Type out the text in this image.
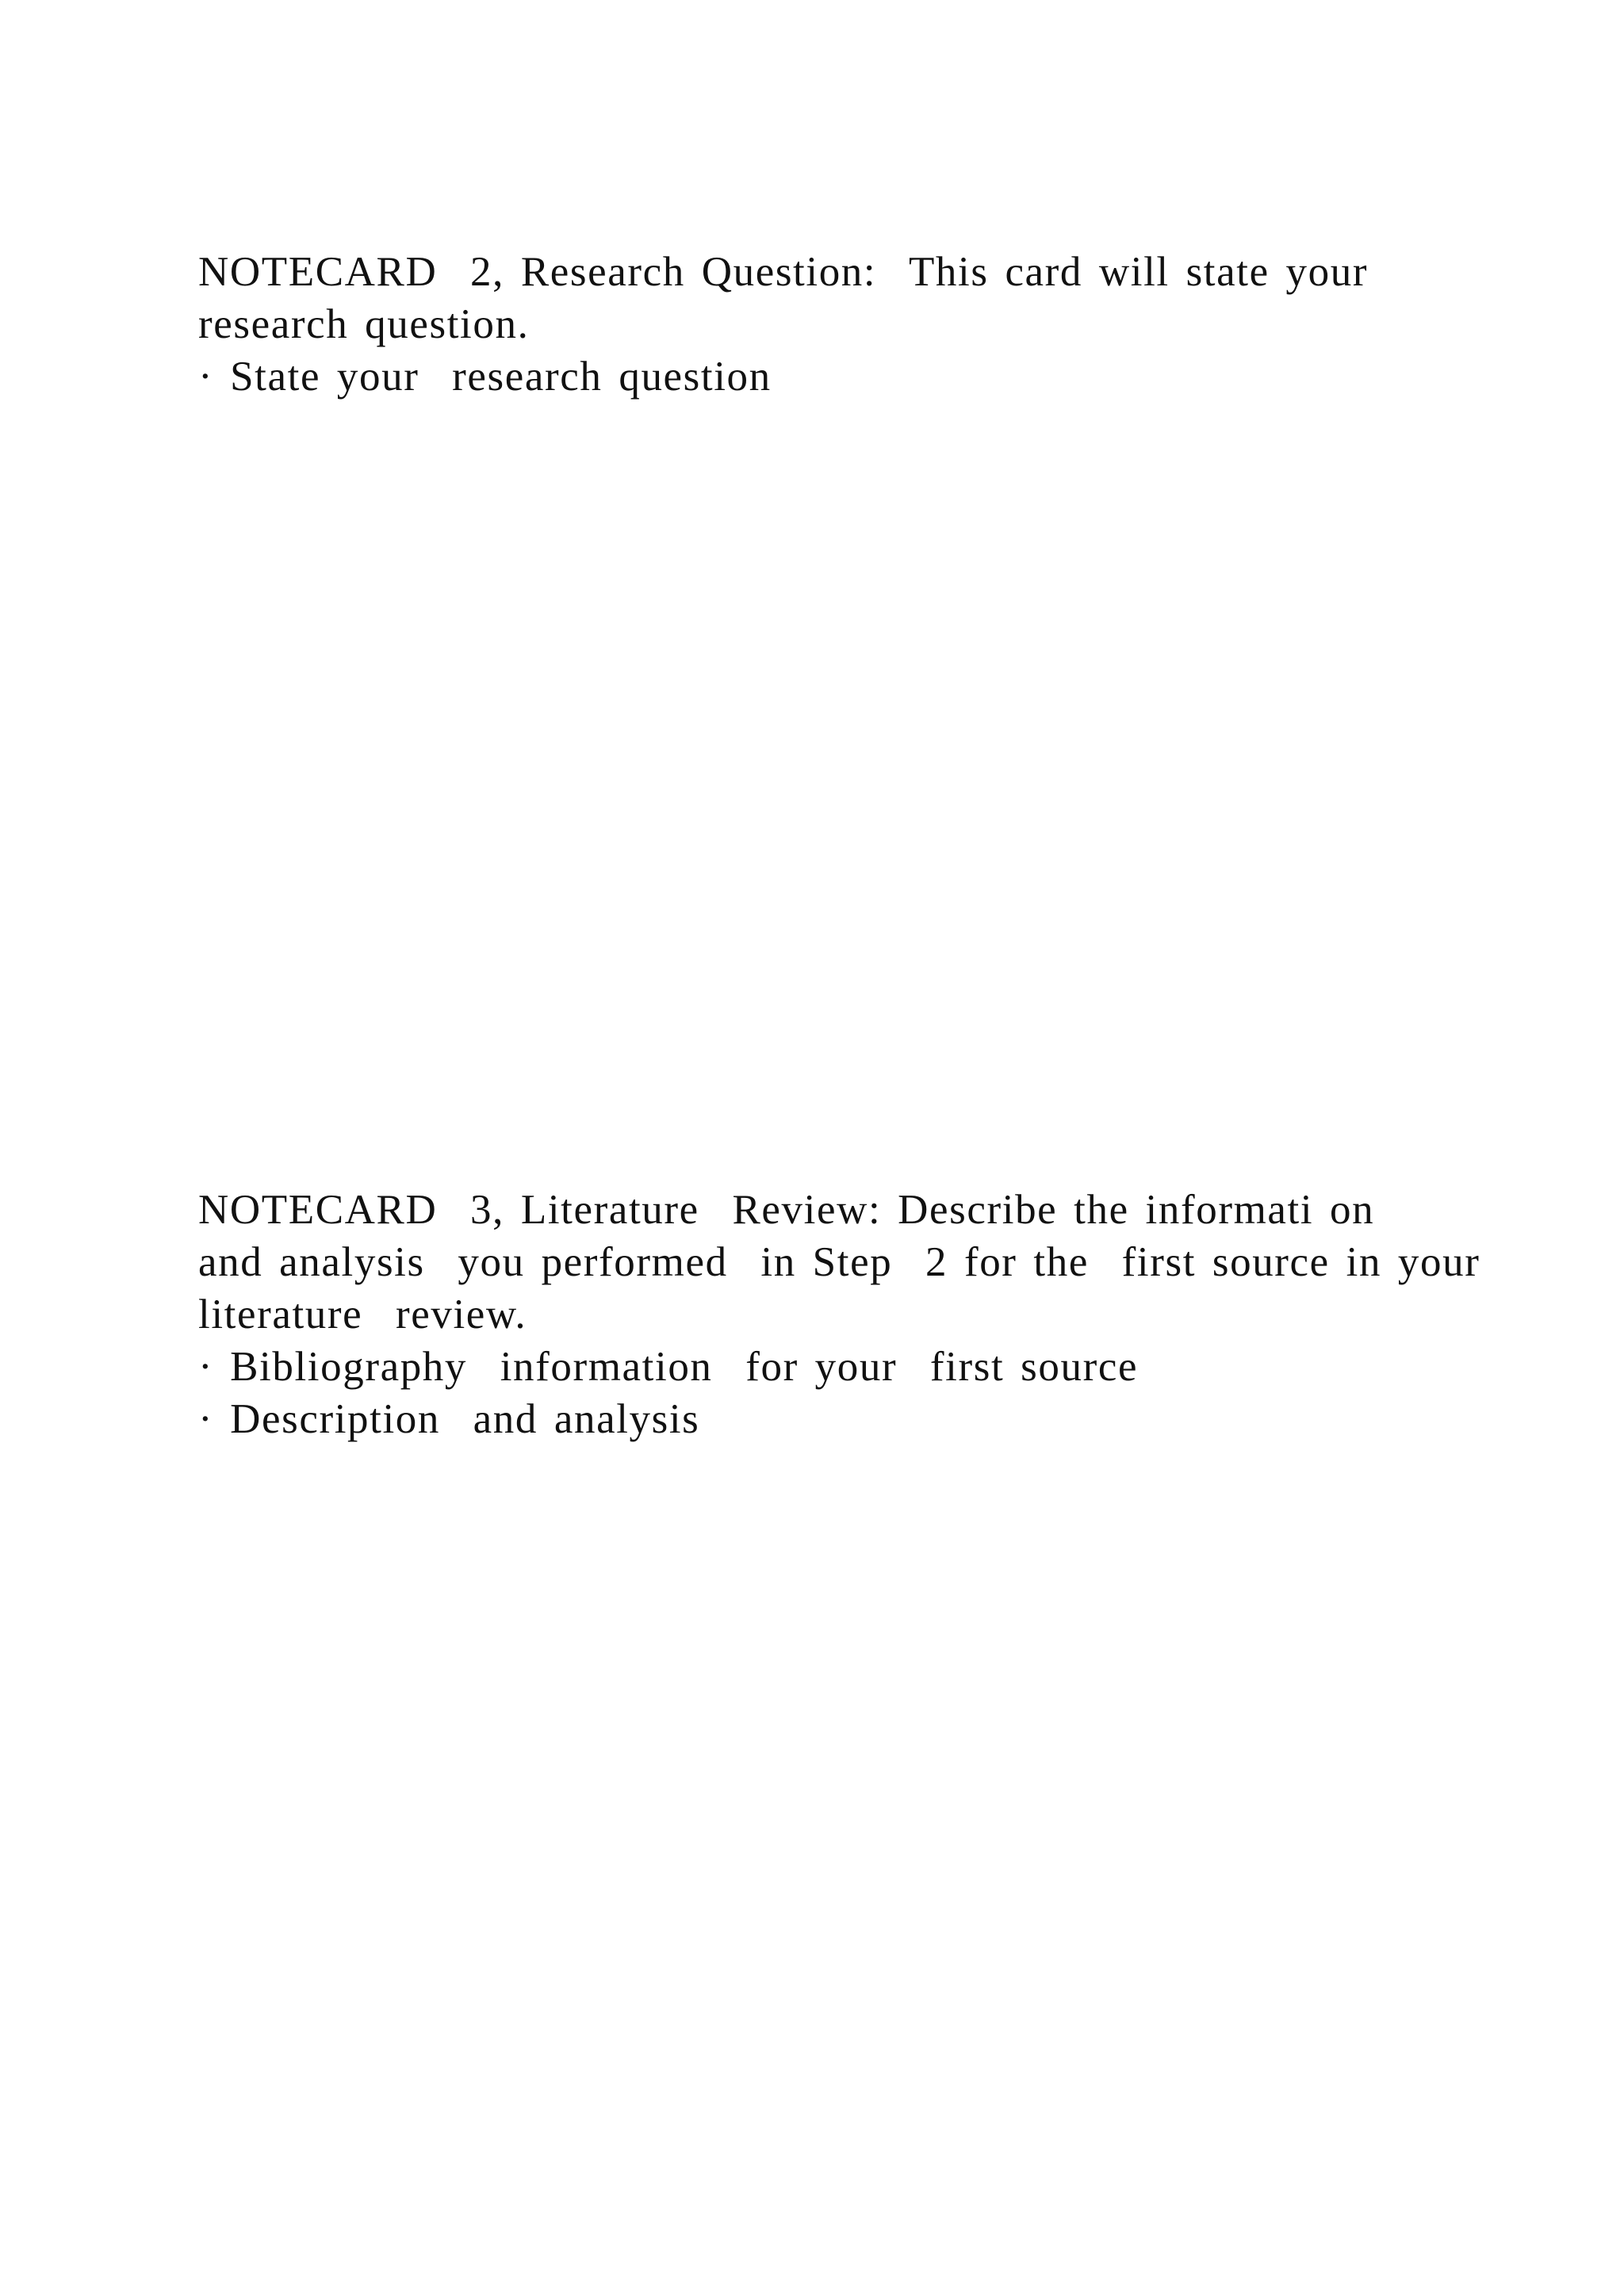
NOTECARD  2, Research Question:  This card will state your
research question.
· State your  research question
NOTECARD  3, Literature  Review: Describe the informati on
and analysis  you performed  in Step  2 for the  first source in your
literature  review.
· Bibliography  information  for your  first source
· Description  and analysis
